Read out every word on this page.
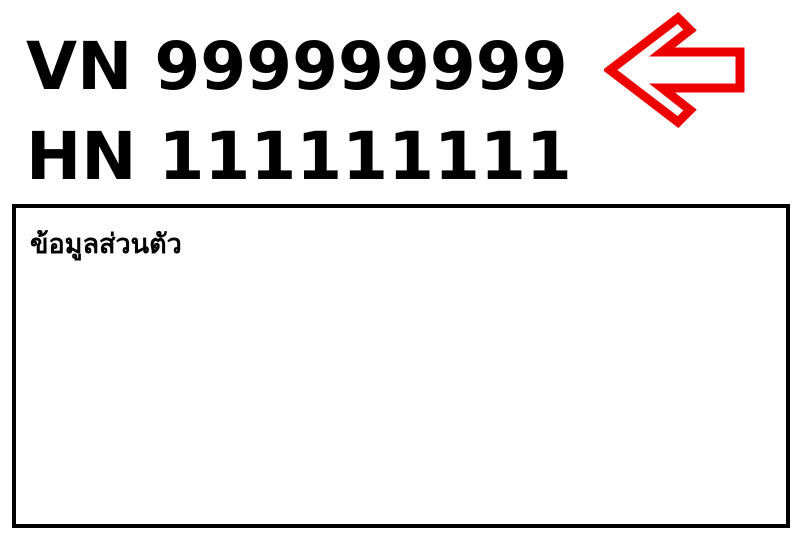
VN 999999999
HN 111111111

ข้อมูลส่วนตัว
